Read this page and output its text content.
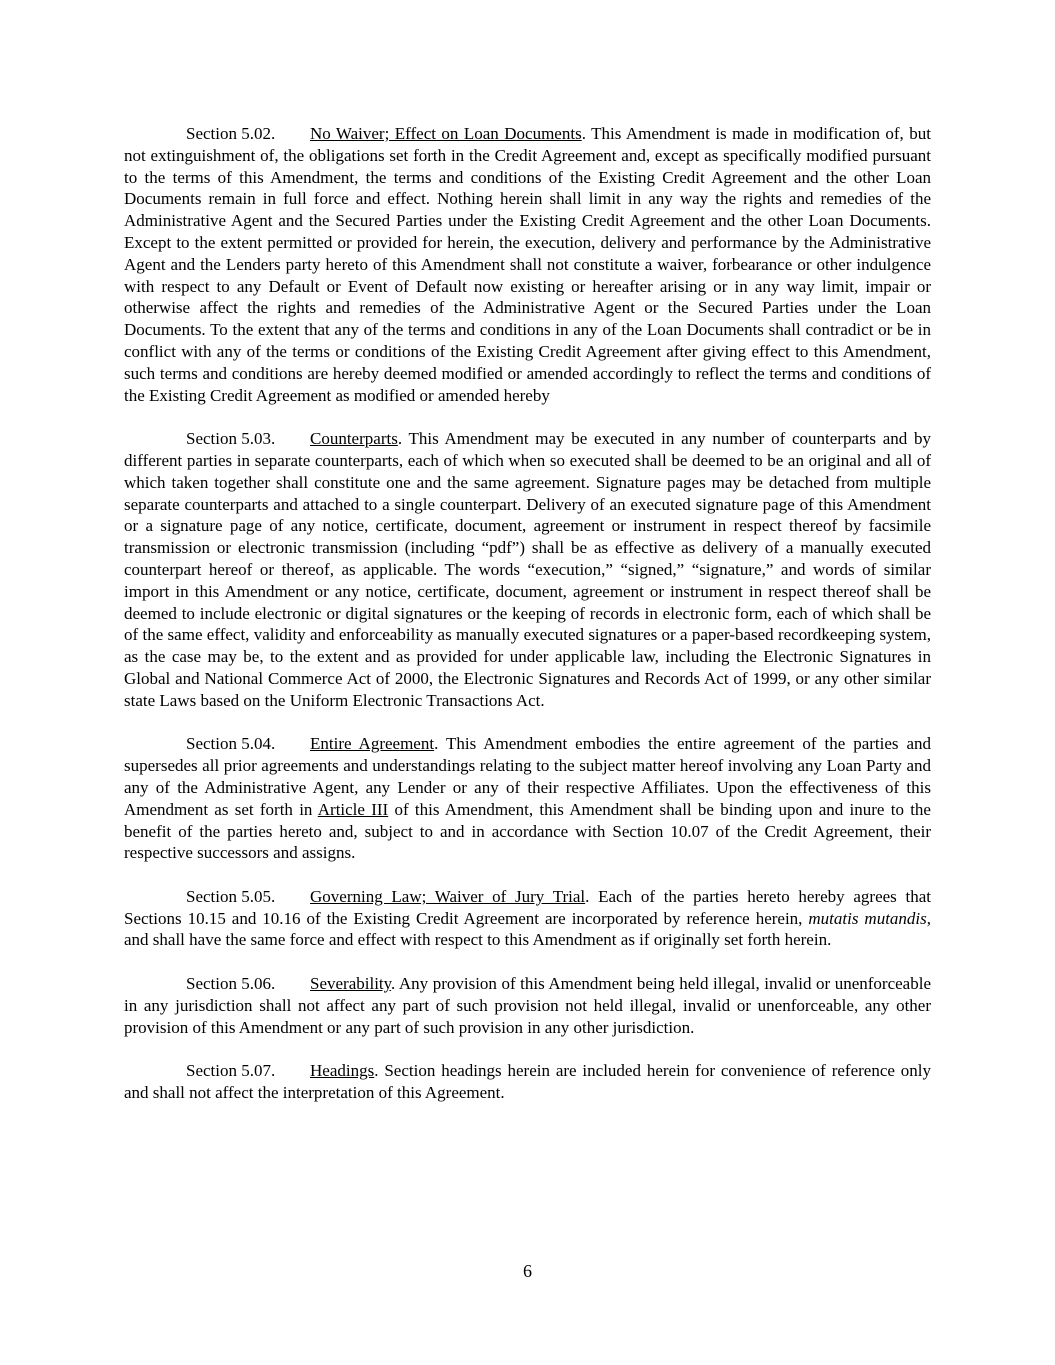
Section 5.02. No Waiver; Effect on Loan Documents. This Amendment is made in modification of, but not extinguishment of, the obligations set forth in the Credit Agreement and, except as specifically modified pursuant to the terms of this Amendment, the terms and conditions of the Existing Credit Agreement and the other Loan Documents remain in full force and effect. Nothing herein shall limit in any way the rights and remedies of the Administrative Agent and the Secured Parties under the Existing Credit Agreement and the other Loan Documents. Except to the extent permitted or provided for herein, the execution, delivery and performance by the Administrative Agent and the Lenders party hereto of this Amendment shall not constitute a waiver, forbearance or other indulgence with respect to any Default or Event of Default now existing or hereafter arising or in any way limit, impair or otherwise affect the rights and remedies of the Administrative Agent or the Secured Parties under the Loan Documents. To the extent that any of the terms and conditions in any of the Loan Documents shall contradict or be in conflict with any of the terms or conditions of the Existing Credit Agreement after giving effect to this Amendment, such terms and conditions are hereby deemed modified or amended accordingly to reflect the terms and conditions of the Existing Credit Agreement as modified or amended hereby

Section 5.03. Counterparts. This Amendment may be executed in any number of counterparts and by different parties in separate counterparts, each of which when so executed shall be deemed to be an original and all of which taken together shall constitute one and the same agreement. Signature pages may be detached from multiple separate counterparts and attached to a single counterpart. Delivery of an executed signature page of this Amendment or a signature page of any notice, certificate, document, agreement or instrument in respect thereof by facsimile transmission or electronic transmission (including “pdf”) shall be as effective as delivery of a manually executed counterpart hereof or thereof, as applicable. The words “execution,” “signed,” “signature,” and words of similar import in this Amendment or any notice, certificate, document, agreement or instrument in respect thereof shall be deemed to include electronic or digital signatures or the keeping of records in electronic form, each of which shall be of the same effect, validity and enforceability as manually executed signatures or a paper-based recordkeeping system, as the case may be, to the extent and as provided for under applicable law, including the Electronic Signatures in Global and National Commerce Act of 2000, the Electronic Signatures and Records Act of 1999, or any other similar state Laws based on the Uniform Electronic Transactions Act.

Section 5.04. Entire Agreement. This Amendment embodies the entire agreement of the parties and supersedes all prior agreements and understandings relating to the subject matter hereof involving any Loan Party and any of the Administrative Agent, any Lender or any of their respective Affiliates. Upon the effectiveness of this Amendment as set forth in Article III of this Amendment, this Amendment shall be binding upon and inure to the benefit of the parties hereto and, subject to and in accordance with Section 10.07 of the Credit Agreement, their respective successors and assigns.

Section 5.05. Governing Law; Waiver of Jury Trial. Each of the parties hereto hereby agrees that Sections 10.15 and 10.16 of the Existing Credit Agreement are incorporated by reference herein, mutatis mutandis, and shall have the same force and effect with respect to this Amendment as if originally set forth herein.

Section 5.06. Severability. Any provision of this Amendment being held illegal, invalid or unenforceable in any jurisdiction shall not affect any part of such provision not held illegal, invalid or unenforceable, any other provision of this Amendment or any part of such provision in any other jurisdiction.

Section 5.07. Headings. Section headings herein are included herein for convenience of reference only and shall not affect the interpretation of this Agreement.

6
